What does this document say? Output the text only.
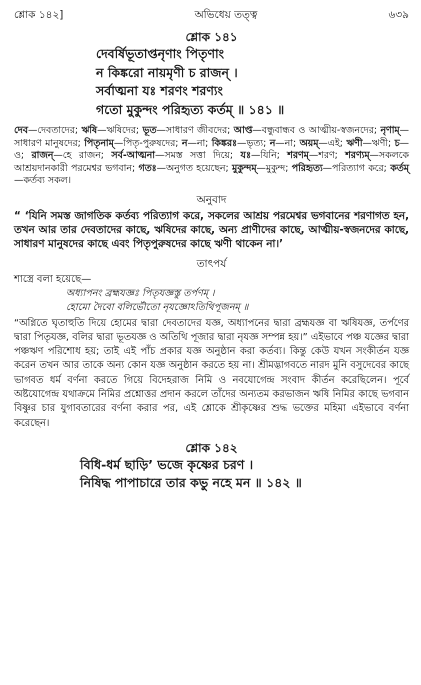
শ্লোক ১৪২]	অভিধেয় তত্ত্ব	৬৩৯
শ্লোক ১৪১
দেবর্ষিভূতাপ্তনৃণাং পিতৃণাং
ন কিঙ্করো নায়মৃণী চ রাজন্ ।
সর্বাত্মনা যঃ শরণং শরণ্যং
গতো মুকুন্দং পরিহৃত্য কর্তম্ ॥ ১৪১ ॥
দেব—দেবতাদের; ঋষি—ঋষিদের; ভূত—সাধারণ জীবদের; আপ্ত—বন্ধুবান্ধব ও আত্মীয়-স্বজনদের; নৃণাম্—সাধারণ মানুষদের; পিতৃনাম্—পিতৃ-পুরুষদের; ন—না; কিঙ্করঃ—ভৃত্য; ন—না; অয়ম্—এই; ঋণী—ঋণী; চ—ও; রাজন্—হে রাজন; সর্ব-আত্মনা—সমস্ত সত্তা দিয়ে; যঃ—যিনি; শরণম্—শরণ; শরণ্যম্—সকলকে আশ্রয়দানকারী পরমেশ্বর ভগবান; গতঃ—অনুগত হয়েছেন; মুকুন্দম্—মুকুন্দ; পরিহৃত্য—পরিত্যাগ করে; কর্তম্—কর্তব্য সকল।
অনুবাদ
“ ‘যিনি সমস্ত জাগতিক কর্তব্য পরিত্যাগ করে, সকলের আশ্রয় পরমেশ্বর ভগবানের শরণাগত হন, তখন আর তার দেবতাদের কাছে, ঋষিদের কাছে, অন্য প্রাণীদের কাছে, আত্মীয়-স্বজনদের কাছে, সাধারণ মানুষদের কাছে এবং পিতৃপুরুষদের কাছে ঋণী থাকেন না।’
তাৎপর্য
শাস্ত্রে বলা হয়েছে—
অধ্যাপনং ব্রহ্মযজ্ঞঃ পিতৃযজ্ঞস্তু তর্পণম্ ।
হোমো দৈবো বলির্ভৌতো নৃযজ্ঞোঽতিথিপূজনম্ ॥
“অগ্নিতে ঘৃতাহুতি দিয়ে হোমের দ্বারা দেবতাদের যজ্ঞ, অধ্যাপনের দ্বারা ব্রহ্মযজ্ঞ বা ঋষিযজ্ঞ, তর্পণের দ্বারা পিতৃযজ্ঞ, বলির দ্বারা ভূতযজ্ঞ ও অতিথি পূজার দ্বারা নৃযজ্ঞ সম্পন্ন হয়।” এইভাবে পঞ্চ যজ্ঞের দ্বারা পঞ্চঋণ পরিশোধ হয়; তাই এই পাঁচ প্রকার যজ্ঞ অনুষ্ঠান করা কর্তব্য। কিন্তু কেউ যখন সংকীর্তন যজ্ঞ করেন তখন আর তাকে অন্য কোন যজ্ঞ অনুষ্ঠান করতে হয় না। শ্রীমদ্ভাগবতে নারদ মুনি বসুদেবের কাছে ভাগবত ধর্ম বর্ণনা করতে গিয়ে বিদেহরাজ নিমি ও নবযোগেন্দ্র সংবাদ কীর্তন করেছিলেন। পূর্বে অষ্টযোগেন্দ্র যথাক্রমে নিমির প্রশ্নোত্তর প্রদান করলে তাঁদের অন্যতম করভাজন ঋষি নিমির কাছে ভগবান বিষ্ণুর চার যুগাবতারের বর্ণনা করার পর, এই শ্লোকে শ্রীকৃষ্ণের শুদ্ধ ভক্তের মহিমা এইভাবে বর্ণনা করেছেন।
শ্লোক ১৪২
বিধি-ধর্ম ছাড়ি’ ভজে কৃষ্ণের চরণ ।
নিষিদ্ধ পাপাচারে তার কভু নহে মন ॥ ১৪২ ॥
